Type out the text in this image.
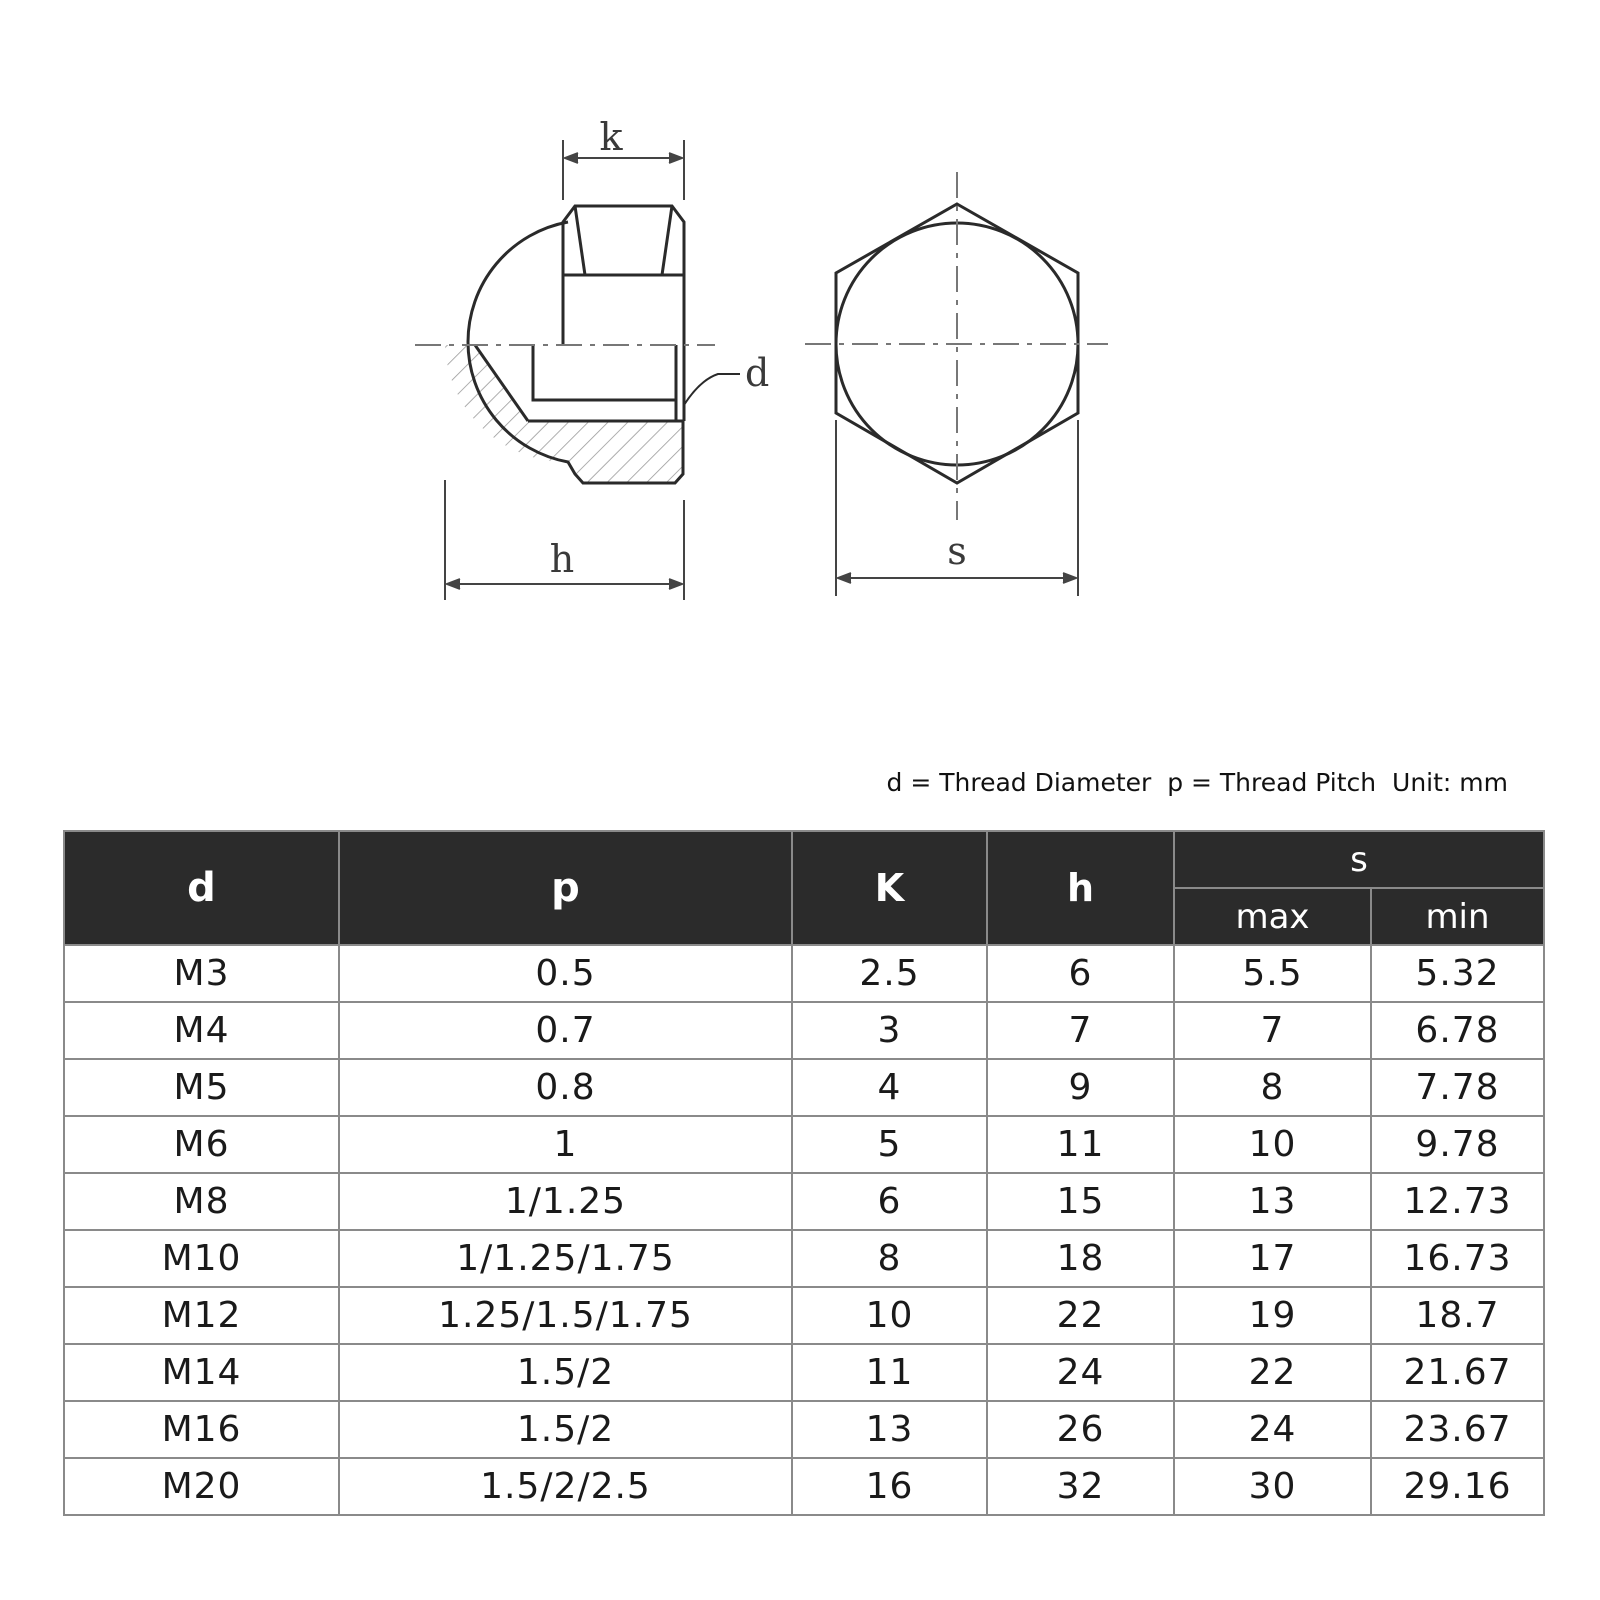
k
d
h	s
d = Thread Diameter  p = Thread Pitch  Unit: mm
d	p	K	h	s	
				max	min
M3	0.5	2.5	6	5.5	5.32
M4	0.7	3	7	7	6.78
M5	0.8	4	9	8	7.78
M6	1	5	11	10	9.78
M8	1/1.25	6	15	13	12.73
M10	1/1.25/1.75	8	18	17	16.73
M12	1.25/1.5/1.75	10	22	19	18.7
M14	1.5/2	11	24	22	21.67
M16	1.5/2	13	26	24	23.67
M20	1.5/2/2.5	16	32	30	29.16
